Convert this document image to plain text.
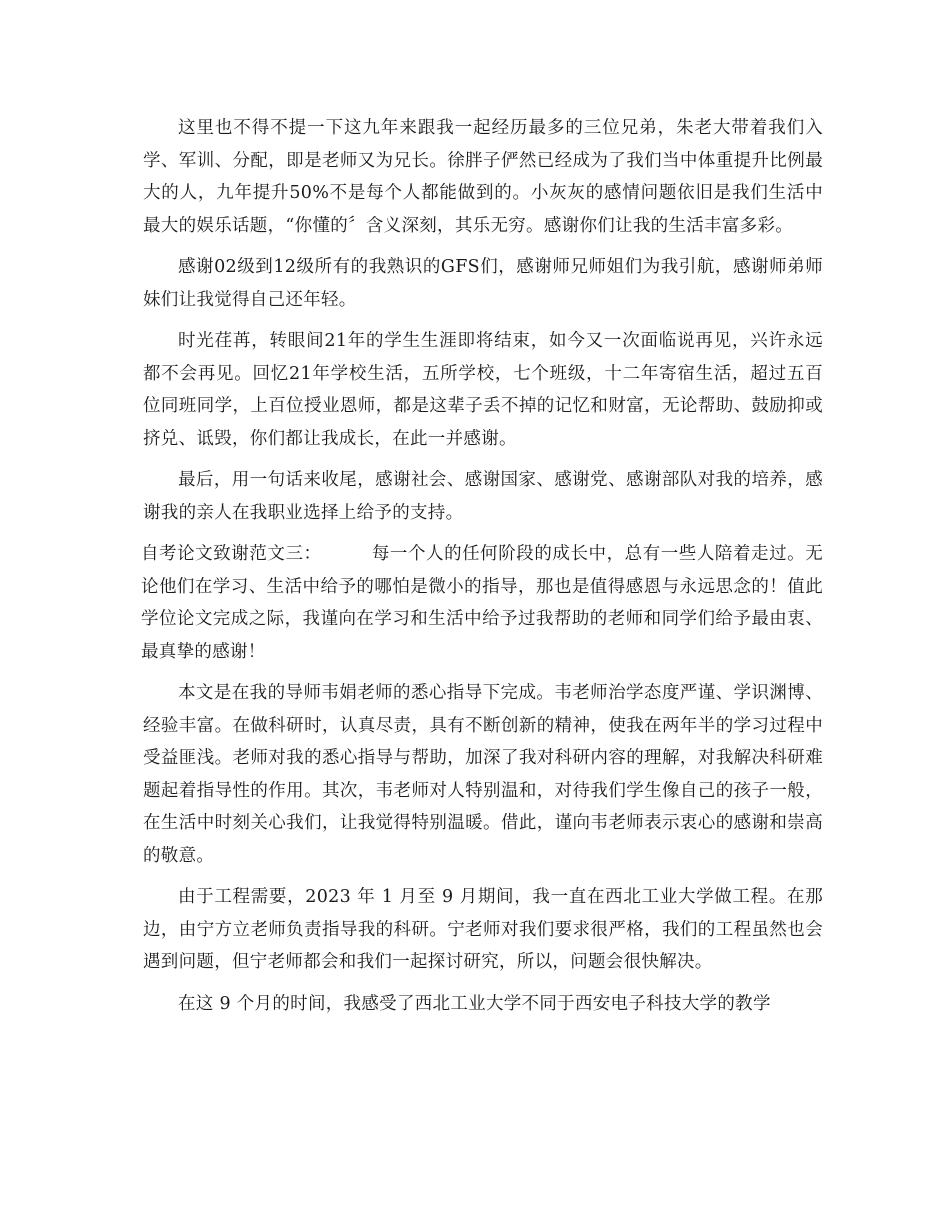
这里也不得不提一下这九年来跟我一起经历最多的三位兄弟，朱老大带着我们入学、军训、分配，即是老师又为兄长。徐胖子俨然已经成为了我们当中体重提升比例最大的人，九年提升50%不是每个人都能做到的。小灰灰的感情问题依旧是我们生活中最大的娱乐话题，“你懂的〞含义深刻，其乐无穷。感谢你们让我的生活丰富多彩。

感谢02级到12级所有的我熟识的GFS们，感谢师兄师姐们为我引航，感谢师弟师妹们让我觉得自己还年轻。

时光荏苒，转眼间21年的学生生涯即将结束，如今又一次面临说再见，兴许永远都不会再见。回忆21年学校生活，五所学校，七个班级，十二年寄宿生活，超过五百位同班同学，上百位授业恩师，都是这辈子丢不掉的记忆和财富，无论帮助、鼓励抑或挤兑、诋毁，你们都让我成长，在此一并感谢。

最后，用一句话来收尾，感谢社会、感谢国家、感谢党、感谢部队对我的培养，感谢我的亲人在我职业选择上给予的支持。

自考论文致谢范文三：	每一个人的任何阶段的成长中，总有一些人陪着走过。无论他们在学习、生活中给予的哪怕是微小的指导，那也是值得感恩与永远思念的！值此学位论文完成之际，我谨向在学习和生活中给予过我帮助的老师和同学们给予最由衷、最真挚的感谢！

本文是在我的导师韦娟老师的悉心指导下完成。韦老师治学态度严谨、学识渊博、经验丰富。在做科研时，认真尽责，具有不断创新的精神，使我在两年半的学习过程中受益匪浅。老师对我的悉心指导与帮助，加深了我对科研内容的理解，对我解决科研难题起着指导性的作用。其次，韦老师对人特别温和，对待我们学生像自己的孩子一般，在生活中时刻关心我们，让我觉得特别温暖。借此，谨向韦老师表示衷心的感谢和崇高的敬意。

由于工程需要，2023 年 1 月至 9 月期间，我一直在西北工业大学做工程。在那边，由宁方立老师负责指导我的科研。宁老师对我们要求很严格，我们的工程虽然也会遇到问题，但宁老师都会和我们一起探讨研究，所以，问题会很快解决。

在这 9 个月的时间，我感受了西北工业大学不同于西安电子科技大学的教学
